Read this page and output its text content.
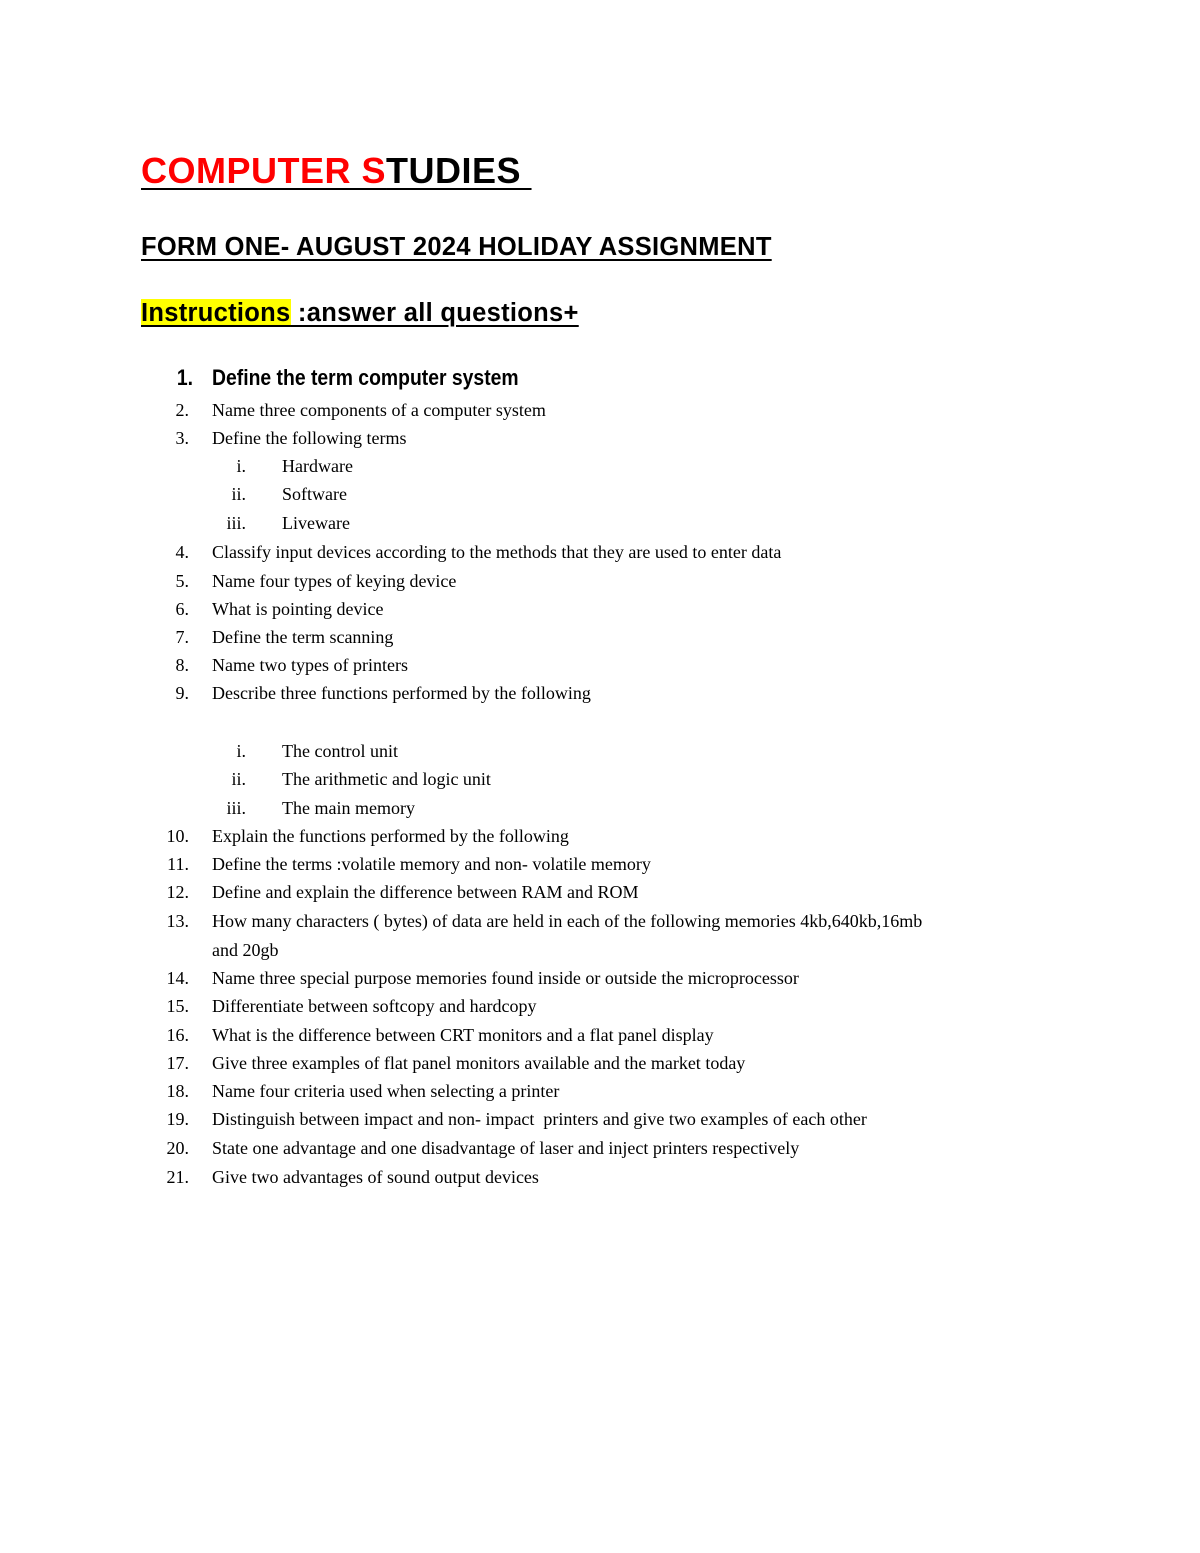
COMPUTER STUDIES
FORM ONE- AUGUST 2024 HOLIDAY ASSIGNMENT
Instructions :answer all questions+
1. Define the term computer system
2. Name three components of a computer system
3. Define the following terms
i. Hardware
ii. Software
iii. Liveware
4. Classify input devices according to the methods that they are used to enter data
5. Name four types of keying device
6. What is pointing device
7. Define the term scanning
8. Name two types of printers
9. Describe three functions performed by the following
i. The control unit
ii. The arithmetic and logic unit
iii. The main memory
10. Explain the functions performed by the following
11. Define the terms :volatile memory and non- volatile memory
12. Define and explain the difference between RAM and ROM
13. How many characters ( bytes) of data are held in each of the following memories 4kb,640kb,16mb
and 20gb
14. Name three special purpose memories found inside or outside the microprocessor
15. Differentiate between softcopy and hardcopy
16. What is the difference between CRT monitors and a flat panel display
17. Give three examples of flat panel monitors available and the market today
18. Name four criteria used when selecting a printer
19. Distinguish between impact and non- impact  printers and give two examples of each other
20. State one advantage and one disadvantage of laser and inject printers respectively
21. Give two advantages of sound output devices
